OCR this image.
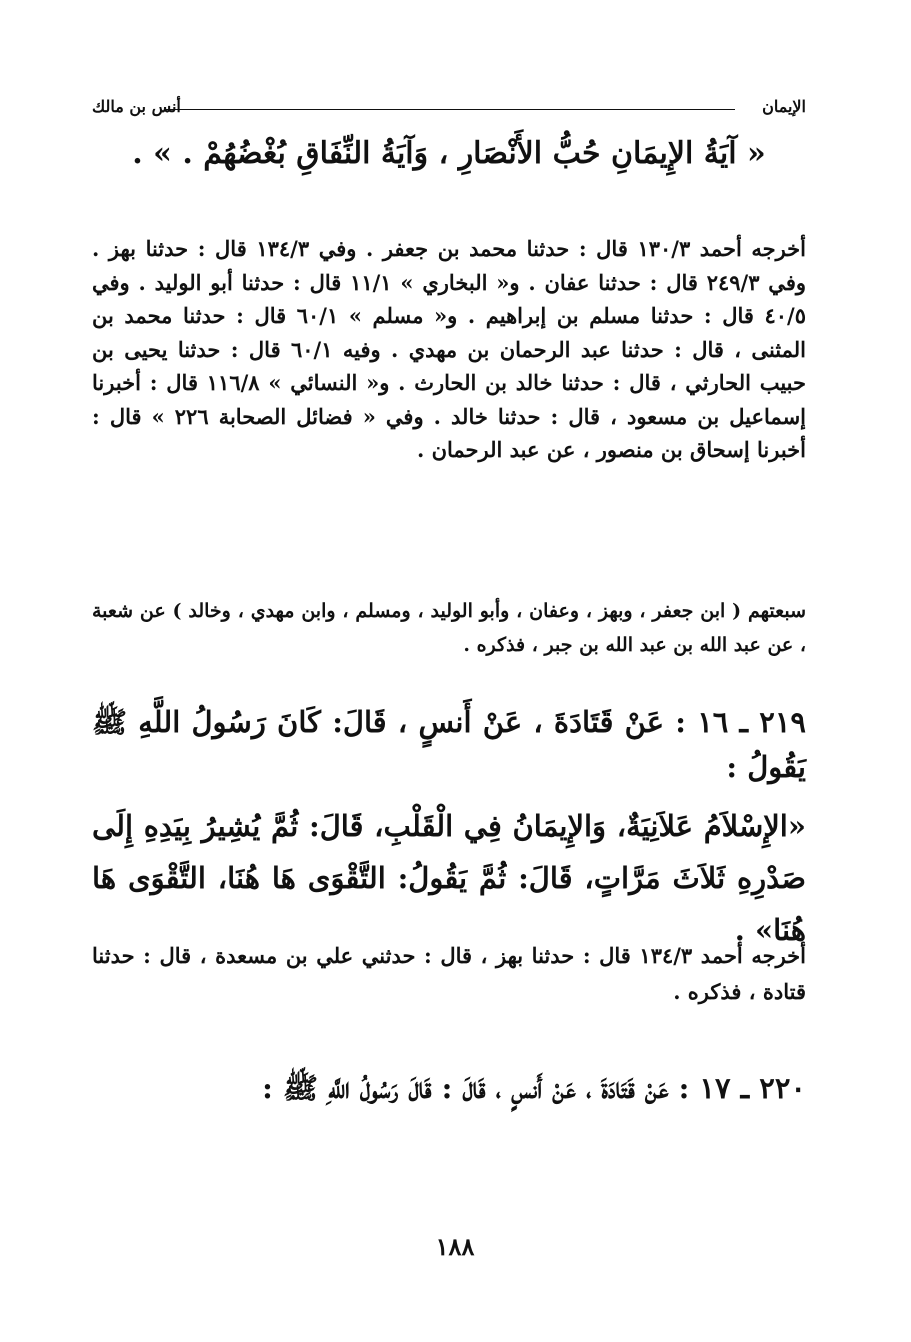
الإيمان
أنس بن مالك
« آيَةُ الإِيمَانِ حُبُّ الأَنْصَارِ ، وَآيَةُ النِّفَاقِ بُغْضُهُمْ . » .
أخرجه أحمد ١٣٠/٣ قال : حدثنا محمد بن جعفر . وفي ١٣٤/٣ قال : حدثنا بهز . وفي ٢٤٩/٣ قال : حدثنا عفان . و« البخاري » ١١/١ قال : حدثنا أبو الوليد . وفي ٤٠/٥ قال : حدثنا مسلم بن إبراهيم . و« مسلم » ٦٠/١ قال : حدثنا محمد بن المثنى ، قال : حدثنا عبد الرحمان بن مهدي . وفيه ٦٠/١ قال : حدثنا يحيى بن حبيب الحارثي ، قال : حدثنا خالد بن الحارث . و« النسائي » ١١٦/٨ قال : أخبرنا إسماعيل بن مسعود ، قال : حدثنا خالد . وفي « فضائل الصحابة ٢٢٦ » قال : أخبرنا إسحاق بن منصور ، عن عبد الرحمان .
سبعتهم ( ابن جعفر ، وبهز ، وعفان ، وأبو الوليد ، ومسلم ، وابن مهدي ، وخالد ) عن شعبة ، عن عبد الله بن عبد الله بن جبر ، فذكره .
٢١٩ ـ ١٦ : عَنْ قَتَادَةَ ، عَنْ أَنسٍ ، قَالَ: كَانَ رَسُولُ اللَّهِ ﷺ يَقُولُ :
«الإِسْلاَمُ عَلاَنِيَةٌ، وَالإِيمَانُ فِي الْقَلْبِ، قَالَ: ثُمَّ يُشِيرُ بِيَدِهِ إِلَى صَدْرِهِ ثَلاَثَ مَرَّاتٍ، قَالَ: ثُمَّ يَقُولُ: التَّقْوَى هَا هُنَا، التَّقْوَى هَا هُنَا» .
أخرجه أحمد ١٣٤/٣ قال : حدثنا بهز ، قال : حدثني علي بن مسعدة ، قال : حدثنا قتادة ، فذكره .
٢٢٠ ـ ١٧ : عَنْ قَتَادَةَ ، عَنْ أَنسٍ ، قَالَ : قَالَ رَسُولُ اللَّهِ ﷺ :
١٨٨
